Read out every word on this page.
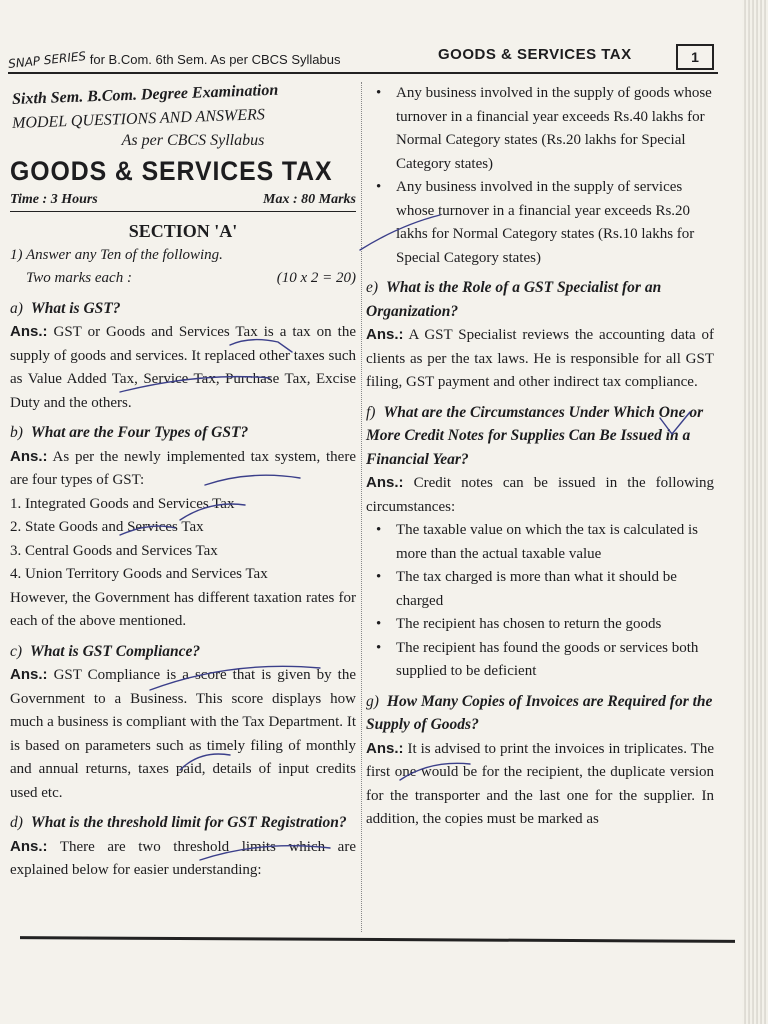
SNAP SERIES for B.Com. 6th Sem. As per CBCS Syllabus	GOODS & SERVICES TAX	1
Sixth Sem. B.Com. Degree Examination
MODEL QUESTIONS AND ANSWERS
As per CBCS Syllabus
GOODS & SERVICES TAX
Time : 3 Hours	Max : 80 Marks
SECTION 'A'
1) Answer any Ten of the following.
Two marks each :	(10 x 2 = 20)
a) What is GST?
Ans.: GST or Goods and Services Tax is a tax on the supply of goods and services. It replaced other taxes such as Value Added Tax, Service Tax, Purchase Tax, Excise Duty and the others.
b) What are the Four Types of GST?
Ans.: As per the newly implemented tax system, there are four types of GST:
1. Integrated Goods and Services Tax
2. State Goods and Services Tax
3. Central Goods and Services Tax
4. Union Territory Goods and Services Tax
However, the Government has different taxation rates for each of the above mentioned.
c) What is GST Compliance?
Ans.: GST Compliance is a score that is given by the Government to a Business. This score displays how much a business is compliant with the Tax Department. It is based on parameters such as timely filing of monthly and annual returns, taxes paid, details of input credits used etc.
d) What is the threshold limit for GST Registration?
Ans.: There are two threshold limits which are explained below for easier understanding:
• Any business involved in the supply of goods whose turnover in a financial year exceeds Rs.40 lakhs for Normal Category states (Rs.20 lakhs for Special Category states)
• Any business involved in the supply of services whose turnover in a financial year exceeds Rs.20 lakhs for Normal Category states (Rs.10 lakhs for Special Category states)
e) What is the Role of a GST Specialist for an Organization?
Ans.: A GST Specialist reviews the accounting data of clients as per the tax laws. He is responsible for all GST filing, GST payment and other indirect tax compliance.
f) What are the Circumstances Under Which One or More Credit Notes for Supplies Can Be Issued in a Financial Year?
Ans.: Credit notes can be issued in the following circumstances:
• The taxable value on which the tax is calculated is more than the actual taxable value
• The tax charged is more than what it should be charged
• The recipient has chosen to return the goods
• The recipient has found the goods or services both supplied to be deficient
g) How Many Copies of Invoices are Required for the Supply of Goods?
Ans.: It is advised to print the invoices in triplicates. The first one would be for the recipient, the duplicate version for the transporter and the last one for the supplier. In addition, the copies must be marked as
